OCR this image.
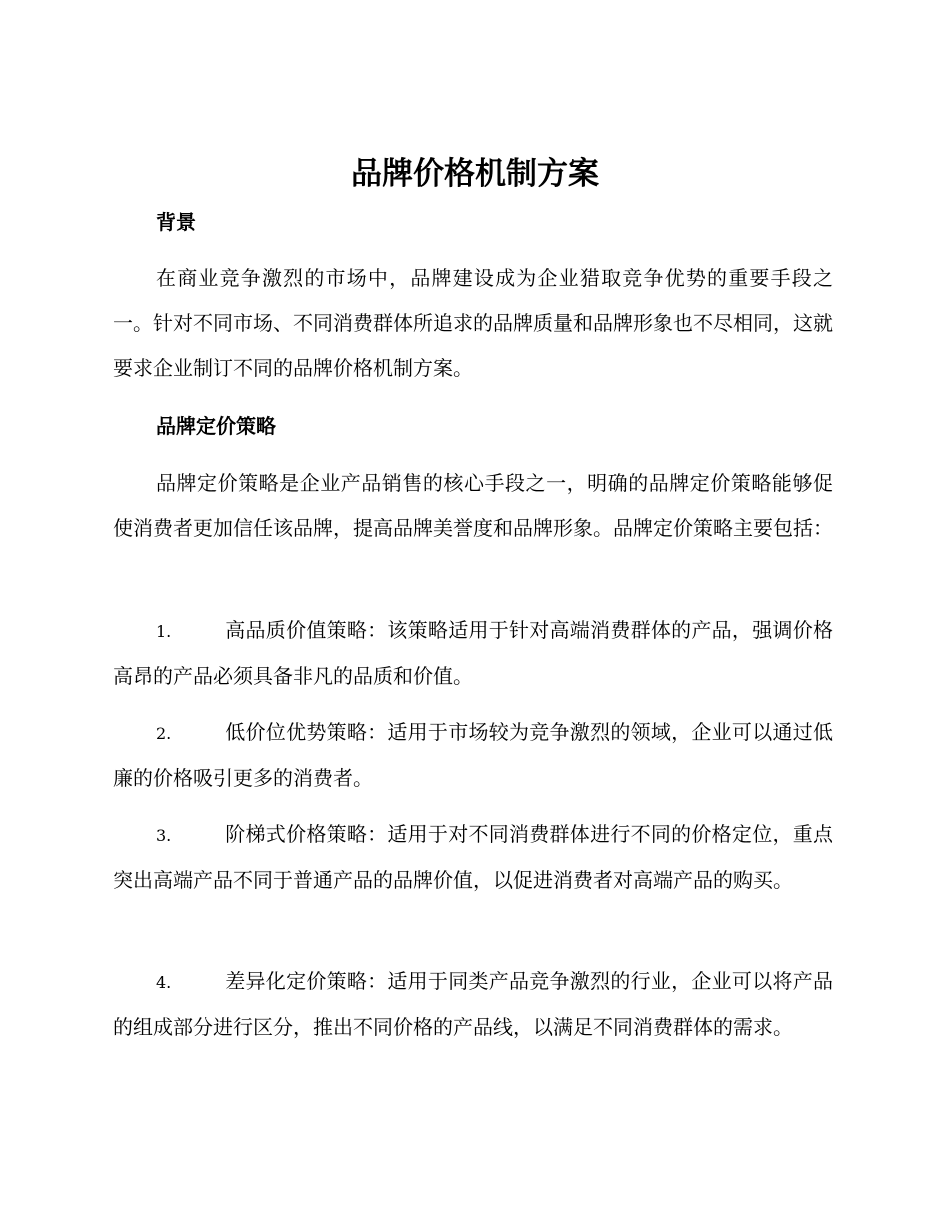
品牌价格机制方案
背景

在商业竞争激烈的市场中，品牌建设成为企业猎取竞争优势的重要手段之一。针对不同市场、不同消费群体所追求的品牌质量和品牌形象也不尽相同，这就要求企业制订不同的品牌价格机制方案。

品牌定价策略

品牌定价策略是企业产品销售的核心手段之一，明确的品牌定价策略能够促使消费者更加信任该品牌，提高品牌美誉度和品牌形象。品牌定价策略主要包括：

1.	高品质价值策略：该策略适用于针对高端消费群体的产品，强调价格高昂的产品必须具备非凡的品质和价值。

2.	低价位优势策略：适用于市场较为竞争激烈的领域，企业可以通过低廉的价格吸引更多的消费者。

3.	阶梯式价格策略：适用于对不同消费群体进行不同的价格定位，重点突出高端产品不同于普通产品的品牌价值，以促进消费者对高端产品的购买。

4.	差异化定价策略：适用于同类产品竞争激烈的行业，企业可以将产品的组成部分进行区分，推出不同价格的产品线，以满足不同消费群体的需求。
